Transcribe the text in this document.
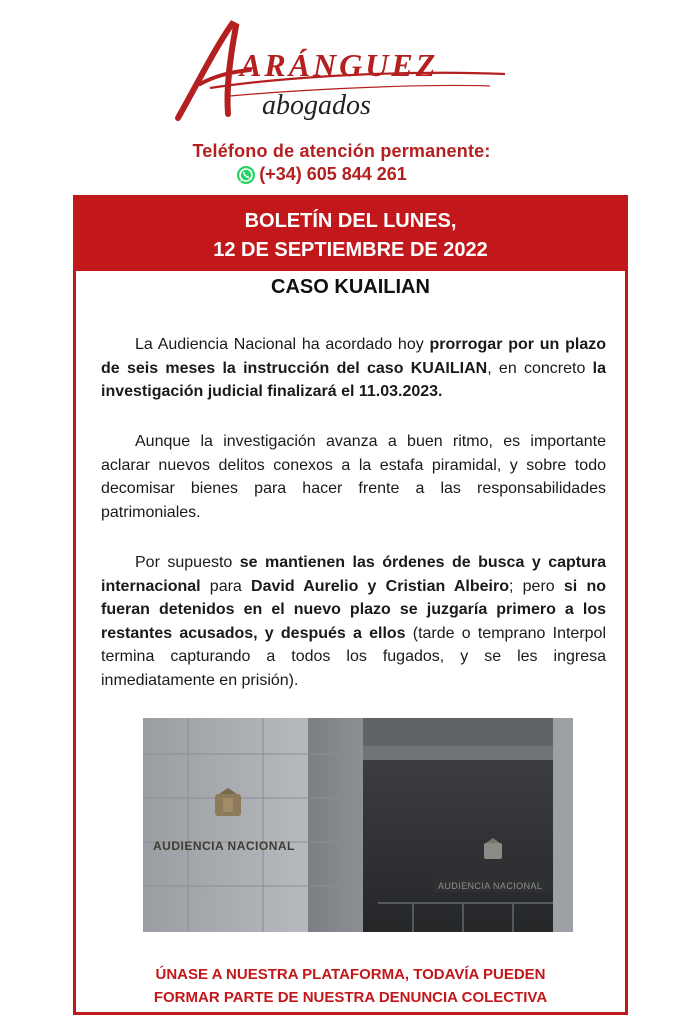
ARÁNGUEZ
abogados
Teléfono de atención permanente:
(+34) 605 844 261
BOLETÍN DEL LUNES,
12 DE SEPTIEMBRE DE 2022
CASO KUAILIAN

La Audiencia Nacional ha acordado hoy prorrogar por un plazo de seis meses la instrucción del caso KUAILIAN, en concreto la investigación judicial finalizará el 11.03.2023.

Aunque la investigación avanza a buen ritmo, es importante aclarar nuevos delitos conexos a la estafa piramidal, y sobre todo decomisar bienes para hacer frente a las responsabilidades patrimoniales.

Por supuesto se mantienen las órdenes de busca y captura internacional para David Aurelio y Cristian Albeiro; pero si no fueran detenidos en el nuevo plazo se juzgaría primero a los restantes acusados, y después a ellos (tarde o temprano Interpol termina capturando a todos los fugados, y se les ingresa inmediatamente en prisión).

AUDIENCIA NACIONAL
AUDIENCIA NACIONAL
ÚNASE A NUESTRA PLATAFORMA, TODAVÍA PUEDEN
FORMAR PARTE DE NUESTRA DENUNCIA COLECTIVA
